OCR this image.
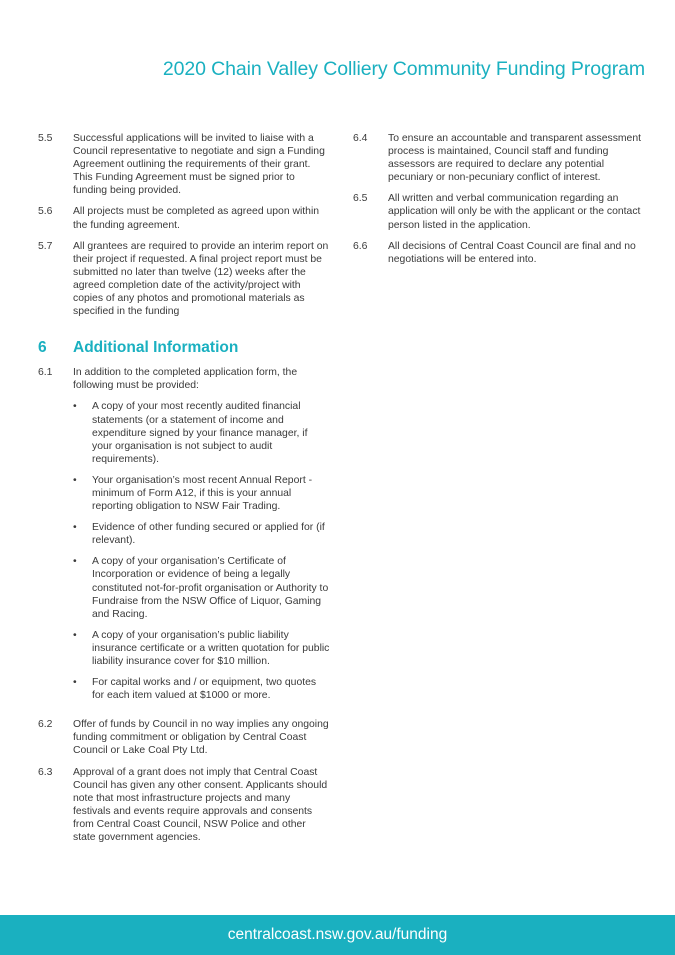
2020 Chain Valley Colliery Community Funding Program
5.5	Successful applications will be invited to liaise with a Council representative to negotiate and sign a Funding Agreement outlining the requirements of their grant. This Funding Agreement must be signed prior to funding being provided.
5.6	All projects must be completed as agreed upon within the funding agreement.
5.7	All grantees are required to provide an interim report on their project if requested. A final project report must be submitted no later than twelve (12) weeks after the agreed completion date of the activity/project with copies of any photos and promotional materials as specified in the funding
6	Additional Information
6.1	In addition to the completed application form, the following must be provided:
•	A copy of your most recently audited financial statements (or a statement of income and expenditure signed by your finance manager, if your organisation is not subject to audit requirements).
•	Your organisation’s most recent Annual Report - minimum of Form A12, if this is your annual reporting obligation to NSW Fair Trading.
•	Evidence of other funding secured or applied for (if relevant).
•	A copy of your organisation’s Certificate of Incorporation or evidence of being a legally constituted not-for-profit organisation or Authority to Fundraise from the NSW Office of Liquor, Gaming and Racing.
•	A copy of your organisation’s public liability insurance certificate or a written quotation for public liability insurance cover for $10 million.
•	For capital works and / or equipment, two quotes for each item valued at $1000 or more.
6.2	Offer of funds by Council in no way implies any ongoing funding commitment or obligation by Central Coast Council or Lake Coal Pty Ltd.
6.3	Approval of a grant does not imply that Central Coast Council has given any other consent. Applicants should note that most infrastructure projects and many festivals and events require approvals and consents from Central Coast Council, NSW Police and other state government agencies.
6.4	To ensure an accountable and transparent assessment process is maintained, Council staff and funding assessors are required to declare any potential pecuniary or non-pecuniary conflict of interest.
6.5	All written and verbal communication regarding an application will only be with the applicant or the contact person listed in the application.
6.6	All decisions of Central Coast Council are final and no negotiations will be entered into.
centralcoast.nsw.gov.au/funding
